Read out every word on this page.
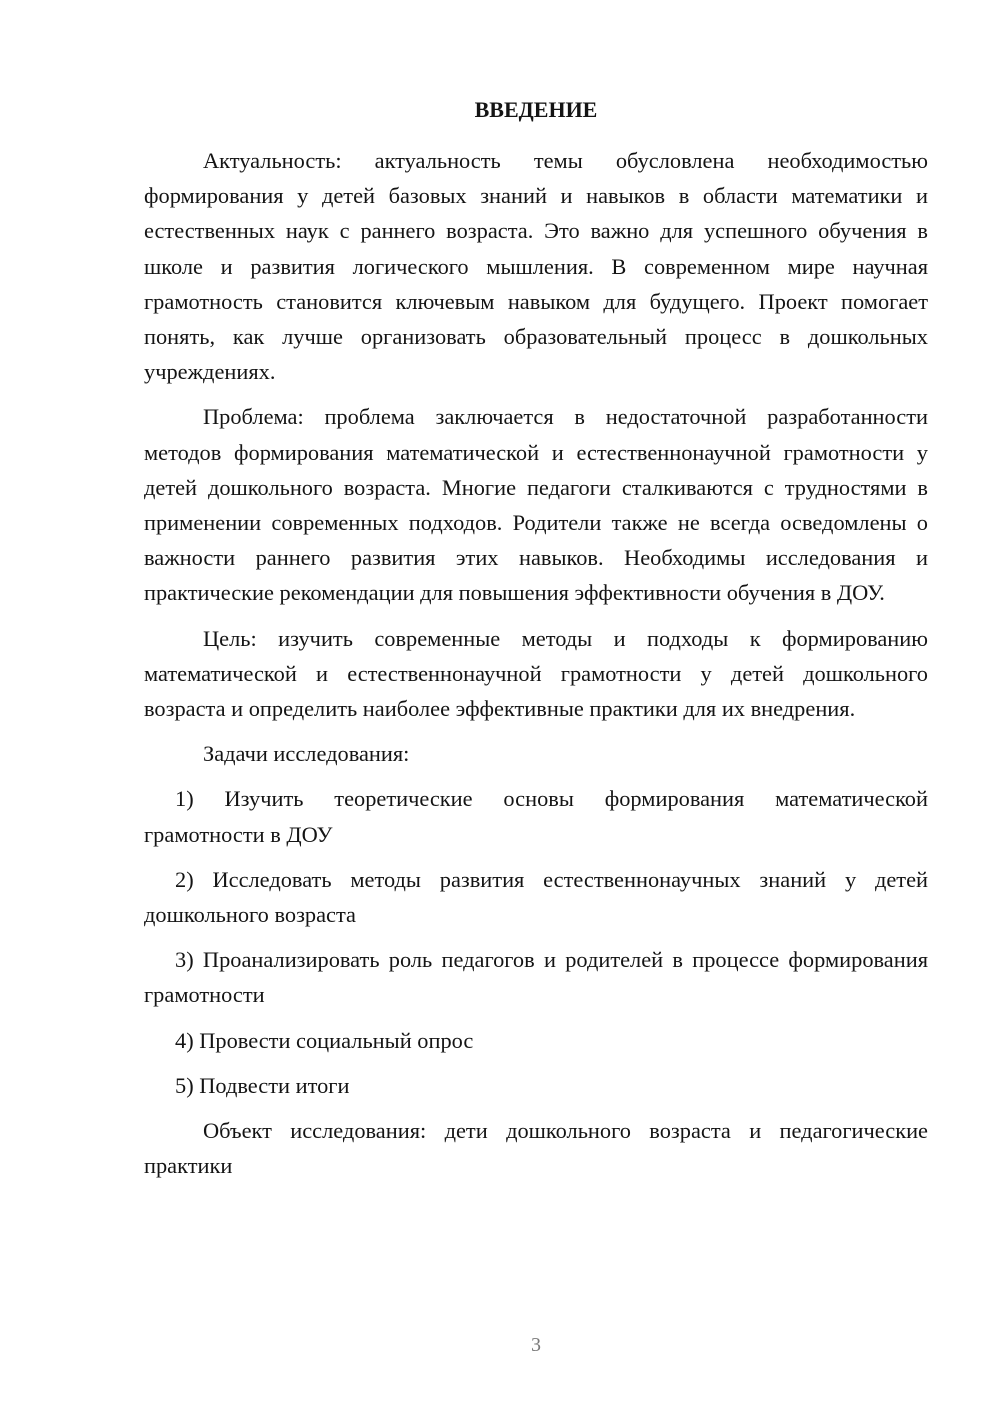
ВВЕДЕНИЕ

Актуальность: актуальность темы обусловлена необходимостью формирования у детей базовых знаний и навыков в области математики и естественных наук с раннего возраста. Это важно для успешного обучения в школе и развития логического мышления. В современном мире научная грамотность становится ключевым навыком для будущего. Проект помогает понять, как лучше организовать образовательный процесс в дошкольных учреждениях.

Проблема: проблема заключается в недостаточной разработанности методов формирования математической и естественнонаучной грамотности у детей дошкольного возраста. Многие педагоги сталкиваются с трудностями в применении современных подходов. Родители также не всегда осведомлены о важности раннего развития этих навыков. Необходимы исследования и практические рекомендации для повышения эффективности обучения в ДОУ.

Цель: изучить современные методы и подходы к формированию математической и естественнонаучной грамотности у детей дошкольного возраста и определить наиболее эффективные практики для их внедрения.

Задачи исследования:

1) Изучить теоретические основы формирования математической грамотности в ДОУ

2) Исследовать методы развития естественнонаучных знаний у детей дошкольного возраста

3) Проанализировать роль педагогов и родителей в процессе формирования грамотности

4) Провести социальный опрос

5) Подвести итоги

Объект исследования: дети дошкольного возраста и педагогические практики

3
